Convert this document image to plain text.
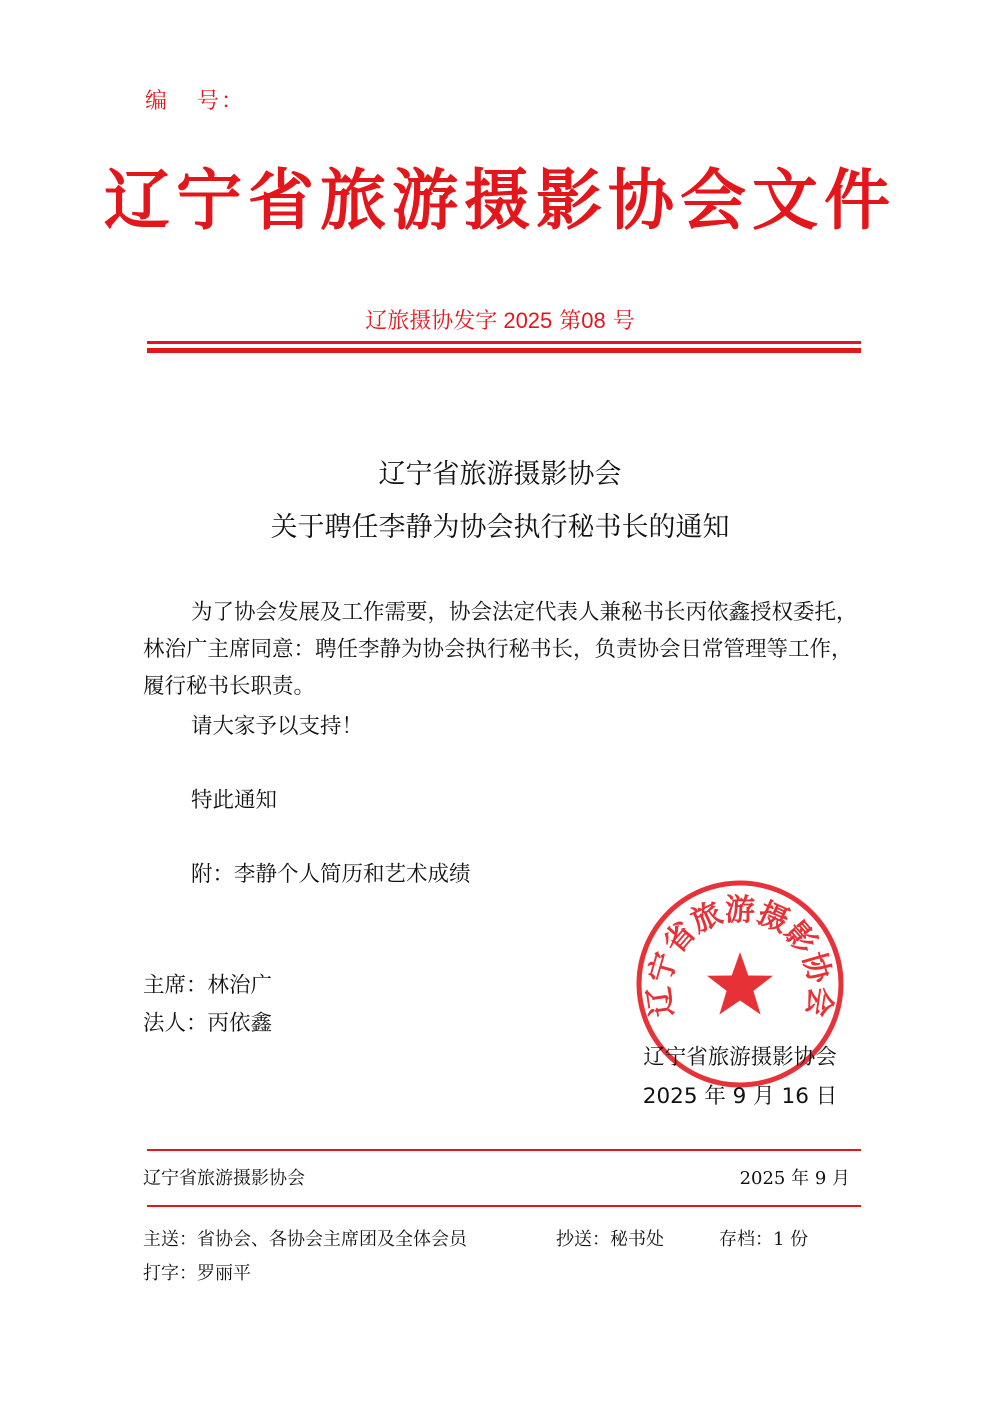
编 号：
辽宁省旅游摄影协会文件
辽旅摄协发字 2025 第08 号
辽宁省旅游摄影协会
关于聘任李静为协会执行秘书长的通知
为了协会发展及工作需要，协会法定代表人兼秘书长丙依鑫授权委托，林治广主席同意：聘任李静为协会执行秘书长，负责协会日常管理等工作，履行秘书长职责。
请大家予以支持！
特此通知
附：李静个人简历和艺术成绩
主席：林治广
法人：丙依鑫
辽宁省旅游摄影协会
辽宁省旅游摄影协会
2025 年 9 月 16 日
辽宁省旅游摄影协会	2025 年 9 月
主送：省协会、各协会主席团及全体会员	抄送：秘书处	存档：1 份
打字：罗丽平
